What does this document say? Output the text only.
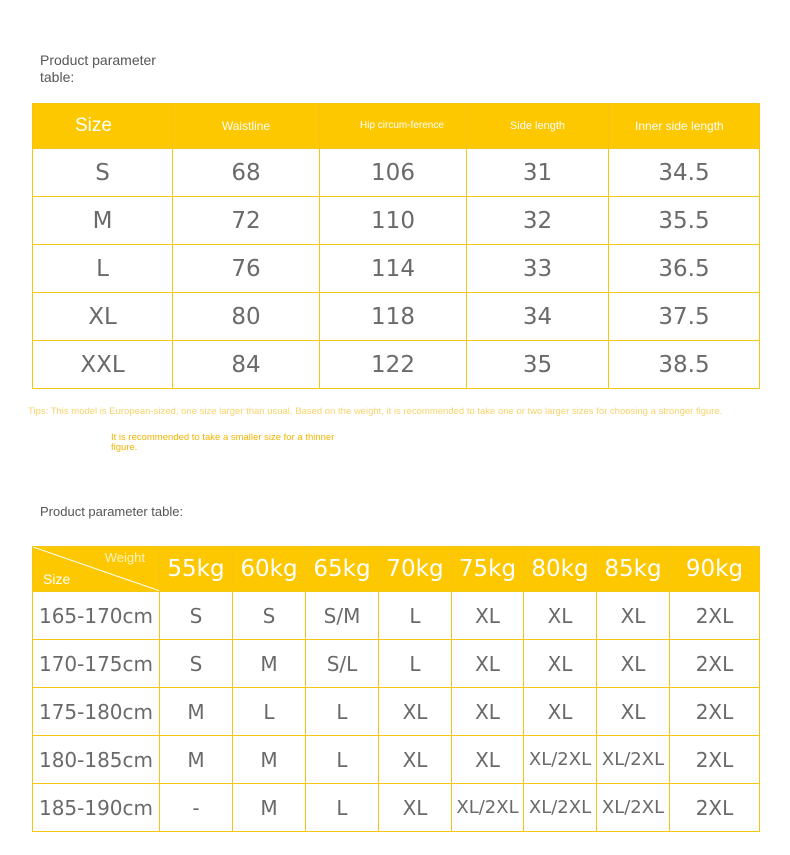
Product parameter table:
Size	Waistline	Hip circum-ference	Side length	Inner side length
S	68	106	31	34.5
M	72	110	32	35.5
L	76	114	33	36.5
XL	80	118	34	37.5
XXL	84	122	35	38.5
Tips: This model is European-sized, one size larger than usual. Based on the weight, it is recommended to take one or two larger sizes for choosing a stronger figure.
It is recommended to take a smaller size for a thinner figure.
Product parameter table:
Weight
Size	55kg	60kg	65kg	70kg	75kg	80kg	85kg	90kg
165-170cm	S	S	S/M	L	XL	XL	XL	2XL
170-175cm	S	M	S/L	L	XL	XL	XL	2XL
175-180cm	M	L	L	XL	XL	XL	XL	2XL
180-185cm	M	M	L	XL	XL	XL/2XL	XL/2XL	2XL
185-190cm	-	M	L	XL	XL/2XL	XL/2XL	XL/2XL	2XL
